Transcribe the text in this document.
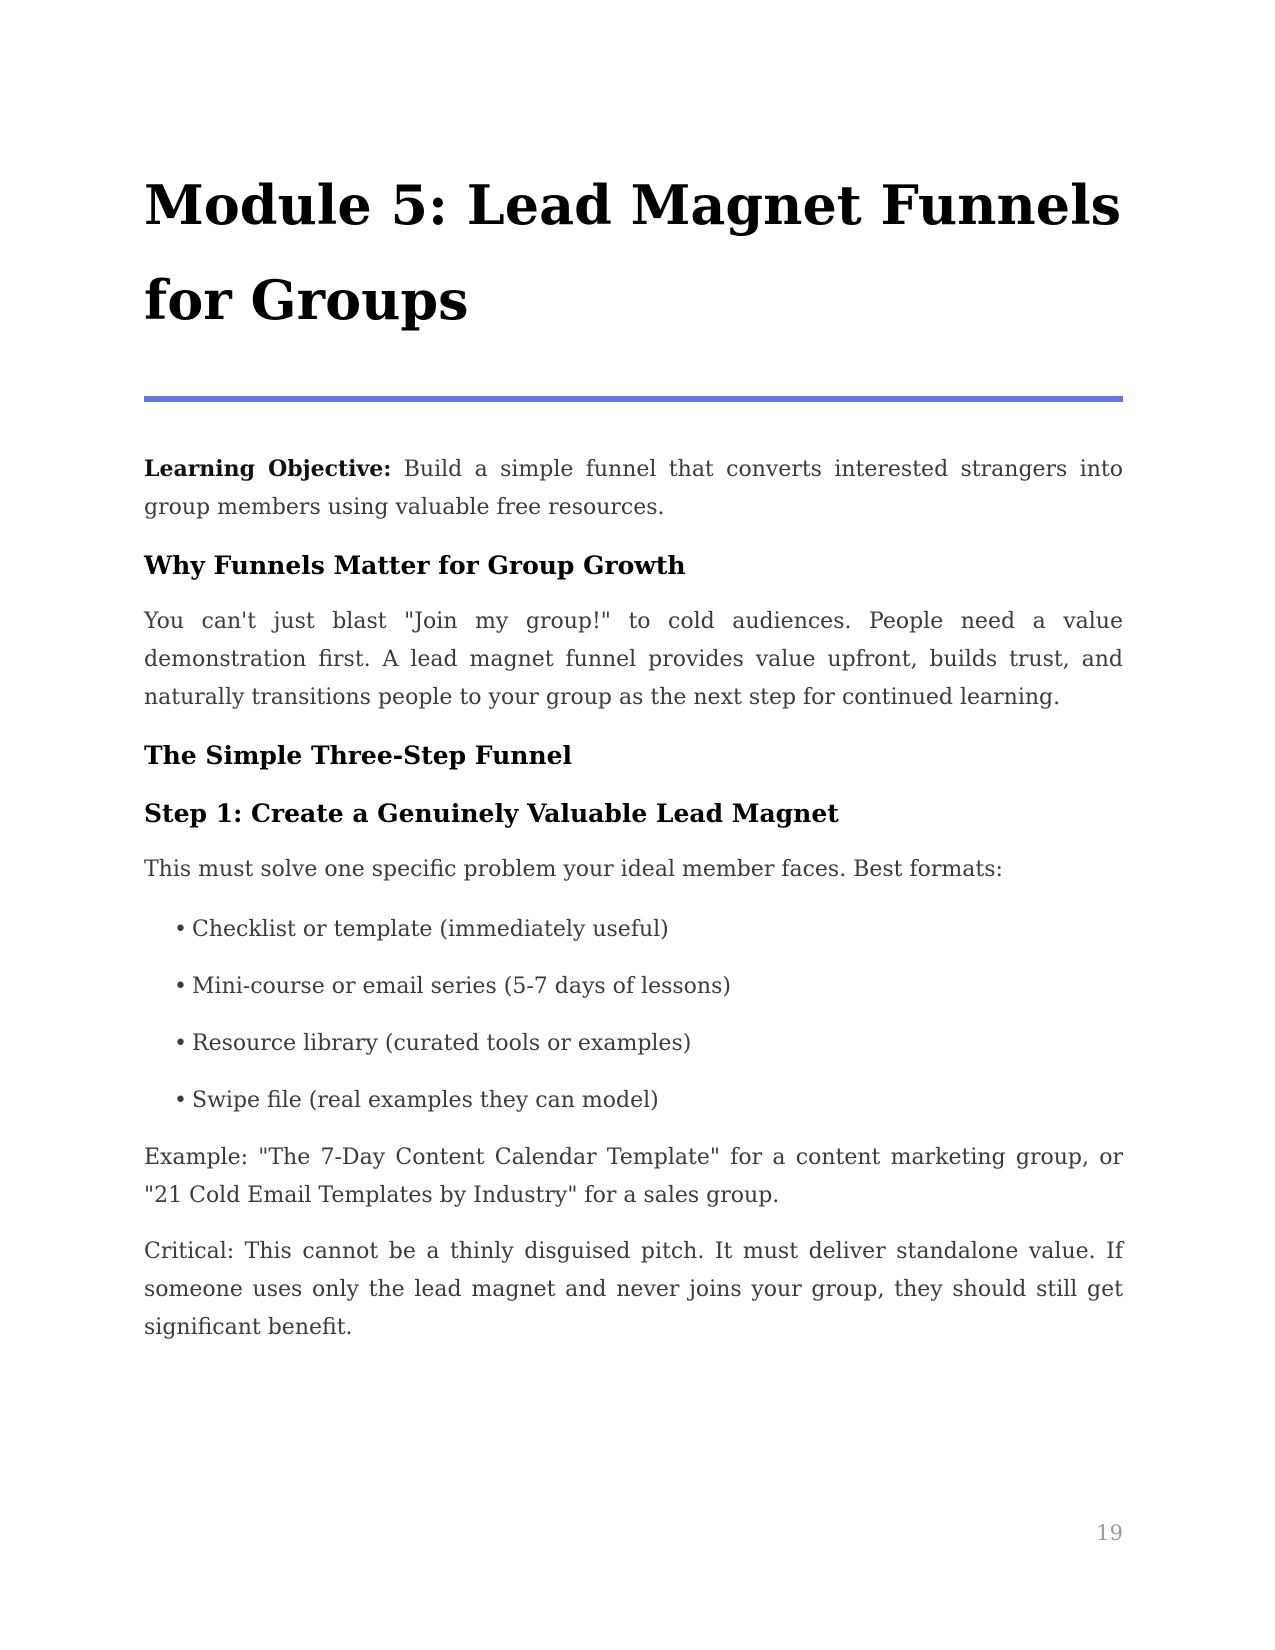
Module 5: Lead Magnet Funnels for Groups

Learning Objective: Build a simple funnel that converts interested strangers into group members using valuable free resources.

Why Funnels Matter for Group Growth

You can't just blast "Join my group!" to cold audiences. People need a value demonstration first. A lead magnet funnel provides value upfront, builds trust, and naturally transitions people to your group as the next step for continued learning.

The Simple Three-Step Funnel
Step 1: Create a Genuinely Valuable Lead Magnet

This must solve one specific problem your ideal member faces. Best formats:

• Checklist or template (immediately useful)
• Mini-course or email series (5-7 days of lessons)
• Resource library (curated tools or examples)
• Swipe file (real examples they can model)

Example: "The 7-Day Content Calendar Template" for a content marketing group, or "21 Cold Email Templates by Industry" for a sales group.

Critical: This cannot be a thinly disguised pitch. It must deliver standalone value. If someone uses only the lead magnet and never joins your group, they should still get significant benefit.

19
